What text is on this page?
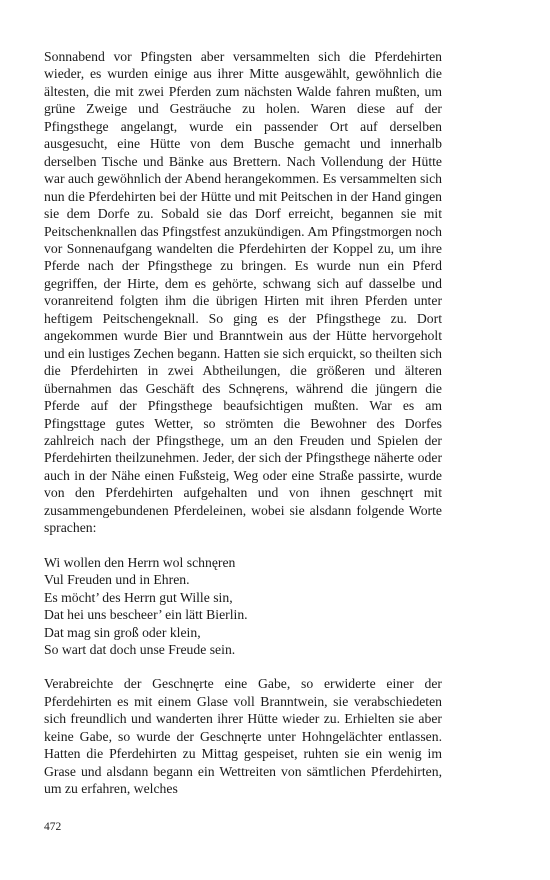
Sonnabend vor Pfingsten aber versammelten sich die Pferdehirten wieder, es wurden einige aus ihrer Mitte ausgewählt, gewöhnlich die ältesten, die mit zwei Pferden zum nächsten Walde fahren mußten, um grüne Zweige und Gesträuche zu holen. Waren diese auf der Pfingsthege angelangt, wurde ein passender Ort auf derselben ausgesucht, eine Hütte von dem Busche gemacht und innerhalb derselben Tische und Bänke aus Brettern. Nach Vollendung der Hütte war auch gewöhnlich der Abend herangekommen. Es versammelten sich nun die Pferdehirten bei der Hütte und mit Peitschen in der Hand gingen sie dem Dorfe zu. Sobald sie das Dorf erreicht, begannen sie mit Peitschenknallen das Pfingstfest anzukündigen. Am Pfingstmorgen noch vor Sonnenaufgang wandelten die Pferdehirten der Koppel zu, um ihre Pferde nach der Pfingsthege zu bringen. Es wurde nun ein Pferd gegriffen, der Hirte, dem es gehörte, schwang sich auf dasselbe und voranreitend folgten ihm die übrigen Hirten mit ihren Pferden unter heftigem Peitschengeknall. So ging es der Pfingsthege zu. Dort angekommen wurde Bier und Branntwein aus der Hütte hervorgeholt und ein lustiges Zechen begann. Hatten sie sich erquickt, so theilten sich die Pferdehirten in zwei Abtheilungen, die größeren und älteren übernahmen das Geschäft des Schnęrens, während die jüngern die Pferde auf der Pfingsthege beaufsichtigen mußten. War es am Pfingsttage gutes Wetter, so strömten die Bewohner des Dorfes zahlreich nach der Pfingsthege, um an den Freuden und Spielen der Pferdehirten theilzunehmen. Jeder, der sich der Pfingsthege näherte oder auch in der Nähe einen Fußsteig, Weg oder eine Straße passirte, wurde von den Pferdehirten aufgehalten und von ihnen geschnęrt mit zusammengebundenen Pferdeleinen, wobei sie alsdann folgende Worte sprachen:

Wi wollen den Herrn wol schnęren
Vul Freuden und in Ehren.
Es möcht’ des Herrn gut Wille sin,
Dat hei uns bescheer’ ein lätt Bierlin.
Dat mag sin groß oder klein,
So wart dat doch unse Freude sein.

Verabreichte der Geschnęrte eine Gabe, so erwiderte einer der Pferdehirten es mit einem Glase voll Branntwein, sie verabschiedeten sich freundlich und wanderten ihrer Hütte wieder zu. Erhielten sie aber keine Gabe, so wurde der Geschnęrte unter Hohngelächter entlassen. Hatten die Pferdehirten zu Mittag gespeiset, ruhten sie ein wenig im Grase und alsdann begann ein Wettreiten von sämtlichen Pferdehirten, um zu erfahren, welches

472
